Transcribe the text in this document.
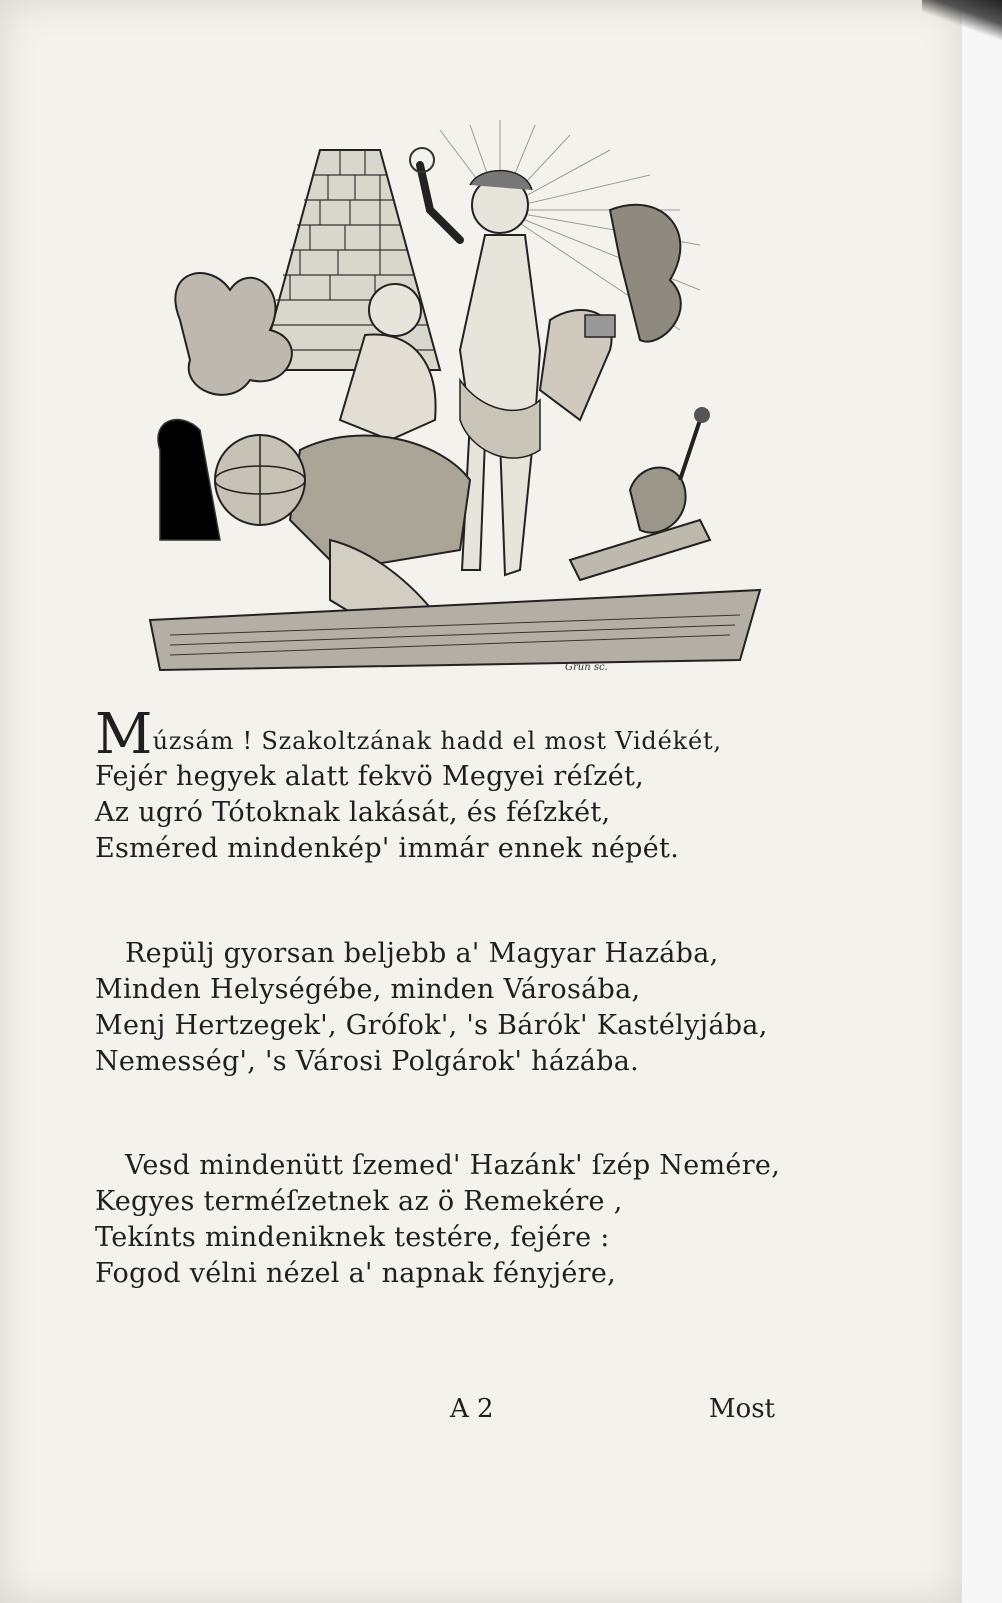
Grun sc.
Múzsám ! Szakoltzának hadd el most Vidékét,
Fejér hegyek alatt fekvö Megyei réſzét,
Az ugró Tótoknak lakását, és féſzkét,
Esméred mindenkép' immár ennek népét.
Repülj gyorsan beljebb a' Magyar Hazába,
Minden Helységébe, minden Városába,
Menj Hertzegek', Grófok', 's Bárók' Kastélyjába,
Nemesség', 's Városi Polgárok' házába.
Vesd mindenütt ſzemed' Hazánk' ſzép Nemére,
Kegyes terméſzetnek az ö Remekére ,
Tekínts mindeniknek testére, fejére :
Fogod vélni nézel a' napnak fényjére,
A 2	Most
